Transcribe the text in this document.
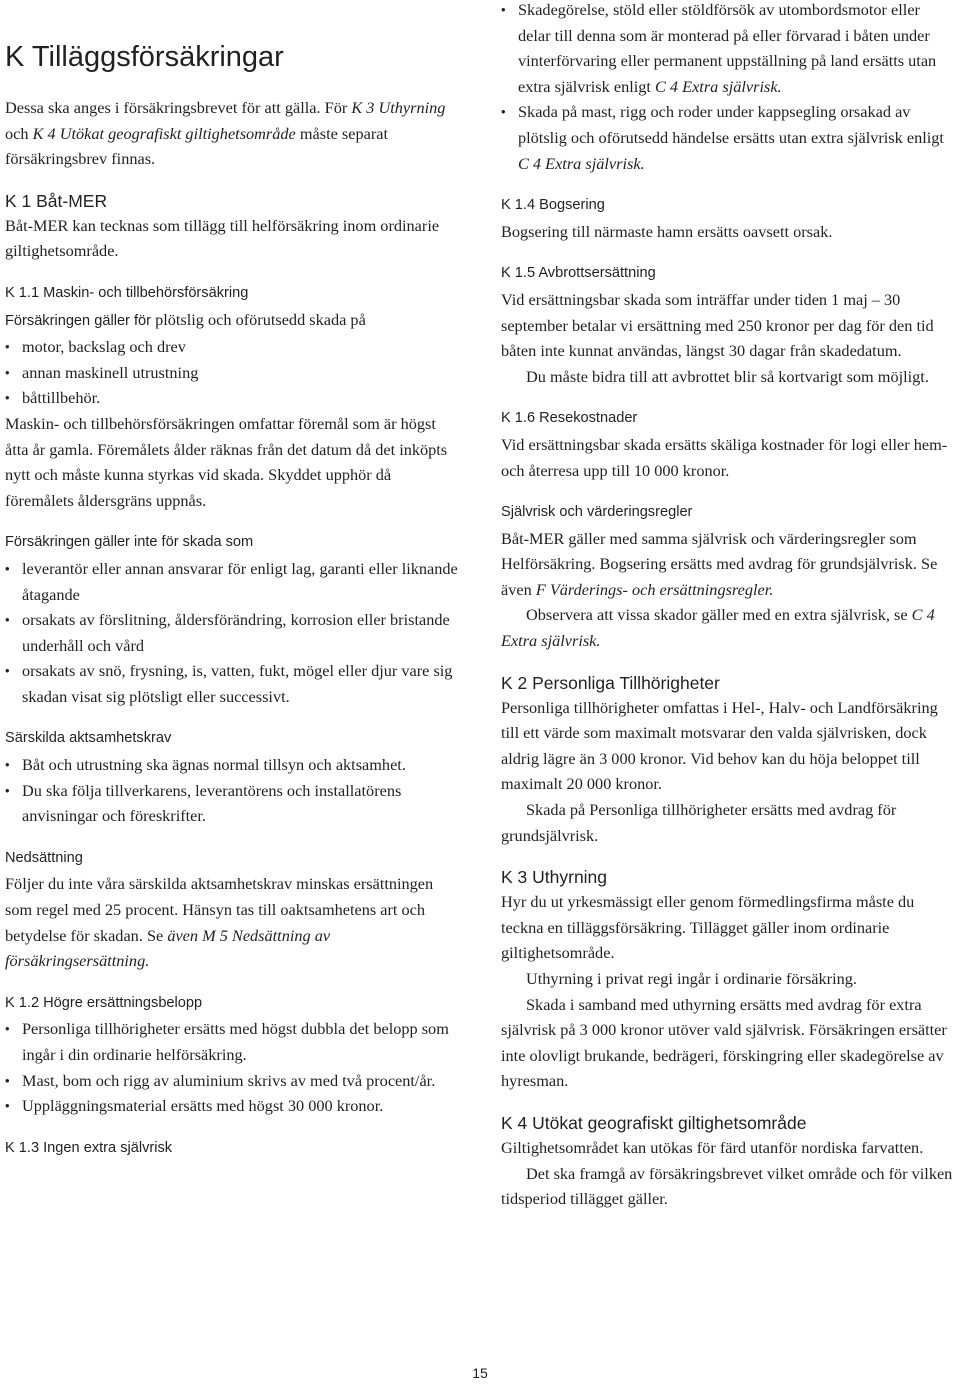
K Tilläggsförsäkringar

Dessa ska anges i försäkringsbrevet för att gälla. För K 3 Uthyrning och K 4 Utökat geografiskt giltighetsområde måste separat försäkringsbrev finnas.

K 1 Båt-MER

Båt-MER kan tecknas som tillägg till helförsäkring inom ordinarie giltighetsområde.

K 1.1 Maskin- och tillbehörsförsäkring

Försäkringen gäller för plötslig och oförutsedd skada på

• motor, backslag och drev
• annan maskinell utrustning
• båttillbehör.

Maskin- och tillbehörsförsäkringen omfattar föremål som är högst åtta år gamla. Föremålets ålder räknas från det datum då det inköpts nytt och måste kunna styrkas vid skada. Skyddet upphör då föremålets åldersgräns uppnås.

Försäkringen gäller inte för skada som
• leverantör eller annan ansvarar för enligt lag, garanti eller liknande åtagande
• orsakats av förslitning, åldersförändring, korrosion eller bristande underhåll och vård
• orsakats av snö, frysning, is, vatten, fukt, mögel eller djur vare sig skadan visat sig plötsligt eller successivt.
Särskilda aktsamhetskrav
• Båt och utrustning ska ägnas normal tillsyn och aktsamhet.
• Du ska följa tillverkarens, leverantörens och installatörens anvisningar och föreskrifter.
Nedsättning

Följer du inte våra särskilda aktsamhetskrav minskas ersättningen som regel med 25 procent. Hänsyn tas till oaktsamhetens art och betydelse för skadan. Se även M 5 Nedsättning av försäkringsersättning.

K 1.2 Högre ersättningsbelopp
• Personliga tillhörigheter ersätts med högst dubbla det belopp som ingår i din ordinarie helförsäkring.
• Mast, bom och rigg av aluminium skrivs av med två procent/år.
• Uppläggningsmaterial ersätts med högst 30 000 kronor.
K 1.3 Ingen extra självrisk
• Skadegörelse, stöld eller stöldförsök av utombordsmotor eller delar till denna som är monterad på eller förvarad i båten under vinterförvaring eller permanent uppställning på land ersätts utan extra självrisk enligt C 4 Extra självrisk.
• Skada på mast, rigg och roder under kappsegling orsakad av plötslig och oförutsedd händelse ersätts utan extra självrisk enligt C 4 Extra självrisk.
K 1.4 Bogsering

Bogsering till närmaste hamn ersätts oavsett orsak.

K 1.5 Avbrottsersättning

Vid ersättningsbar skada som inträffar under tiden 1 maj – 30 september betalar vi ersättning med 250 kronor per dag för den tid båten inte kunnat användas, längst 30 dagar från skadedatum.

Du måste bidra till att avbrottet blir så kortvarigt som möjligt.

K 1.6 Resekostnader

Vid ersättningsbar skada ersätts skäliga kostnader för logi eller hem- och återresa upp till 10 000 kronor.

Självrisk och värderingsregler

Båt-MER gäller med samma självrisk och värderingsregler som Helförsäkring. Bogsering ersätts med avdrag för grundsjälvrisk. Se även F Värderings- och ersättningsregler.

Observera att vissa skador gäller med en extra självrisk, se C 4 Extra självrisk.

K 2 Personliga Tillhörigheter

Personliga tillhörigheter omfattas i Hel-, Halv- och Landförsäkring till ett värde som maximalt motsvarar den valda självrisken, dock aldrig lägre än 3 000 kronor. Vid behov kan du höja beloppet till maximalt 20 000 kronor.

Skada på Personliga tillhörigheter ersätts med avdrag för grundsjälvrisk.

K 3 Uthyrning

Hyr du ut yrkesmässigt eller genom förmedlingsfirma måste du teckna en tilläggsförsäkring. Tillägget gäller inom ordinarie giltighetsområde.

Uthyrning i privat regi ingår i ordinarie försäkring.

Skada i samband med uthyrning ersätts med avdrag för extra självrisk på 3 000 kronor utöver vald självrisk. Försäkringen ersätter inte olovligt brukande, bedrägeri, förskingring eller skadegörelse av hyresman.

K 4 Utökat geografiskt giltighetsområde

Giltighetsområdet kan utökas för färd utanför nordiska farvatten.

Det ska framgå av försäkringsbrevet vilket område och för vilken tidsperiod tillägget gäller.

15
